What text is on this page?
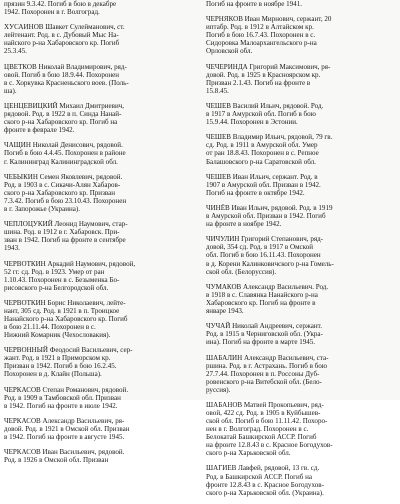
прязин 9.3.42. Погиб в бою в декабре
1942. Похоронен в г. Волгоград.
ХУСАИНОВ Шавкет Сулейманович, ст.
лейтенант. Род. в с. Дубовый Мыс На-
найского р-на Хабаровского кр. Погиб
25.3.45.
ЦВЕТКОВ Николай Владимирович, ряд-
овой. Погиб в бою 18.9.44. Похоронен
в с. Хоркувка Красненьского воев. (Поль-
ша).
ЦЕНЦЕВИЦКИЙ Михаил Дмитриевич,
рядовой. Род. в 1922 в п. Синда Нанай-
ского р-на Хабаровского кр. Погиб на
фронте в феврале 1942.
ЧАЩИН Николай Денисович, рядовой.
Погиб в бою 4.4.45. Похоронен в районе
г. Калининград Калининградской обл.
ЧЕБЫКИН Семен Яковлевич, рядовой.
Род. в 1903 в с. Сикачи-Алян Хабаров-
ского р-на Хабаровского кр. Призван
7.3.42. Погиб в бою 23.10.43. Похоронен
в г. Запорожье (Украина).
ЧЕПЛОЦУКИЙ Леонид Наумович, стар-
шина. Род. в 1912 в г. Хабаровск. При-
зван в 1942. Погиб на фронте в сентябре
1943.
ЧЕРВОТКИН Аркадий Наумович, рядовой,
52 гг. сд. Род. в 1923. Умер от ран
1.10.43. Похоронен в с. Безыменка Бо-
рисовского р-на Белгородской обл.
ЧЕРВОТКИН Борис Николаевич, лейте-
нант, 305 сд. Род. в 1921 в п. Троицкое
Нанайского р-на Хабаровского кр. Погиб
в бою 21.11.44. Похоронен в с.
Нижний Комарник (Чехословакия).
ЧЕРВОННЫЙ Феодосий Васильевич, сер-
жант. Род. в 1921 в Приморском кр.
Призван в 1942. Погиб в бою 16.2.45.
Похоронен в д. Клайн (Польша).
ЧЕРКАСОВ Степан Романович, рядовой.
Род. в 1909 в Тамбовской обл. Призван
в 1942. Погиб на фронте в июле 1942.
ЧЕРКАСОВ Александр Васильевич, ря-
довой. Род. в 1921 в Омской обл. Призван
в 1942. Погиб на фронте в августе 1945.
ЧЕРКАСОВ Иван Васильевич, рядовой.
Род. в 1926 в Омской обл. Призван
Погиб на фронте в ноябре 1941.
ЧЕРНЯКОВ Иван Мирнович, сержант, 20
иптабр. Род. в 1912 в Алтайском кр.
Погиб в бою 16.7.43. Похоронен в с.
Сидоровка Малоархангельского р-на
Орловской обл.
ЧЕЧЕРИНДА Григорий Максимович, ря-
довой. Род. в 1925 в Красноярском кр.
Призван 2.1.43. Погиб на фронте в
15.8.45.
ЧЕШЕВ Василий Ильич, рядовой. Род.
в 1917 в Амурской обл. Погиб в бою
15.9.44. Похоронен в Эстонии.
ЧЕШЕВ Владимир Ильич, рядовой, 79 гв.
сд. Род. в 1911 в Амурской обл. Умер
от ран 18.8.43. Похоронен в с. Репное
Балашовского р-на Саратовской обл.
ЧЕШЕВ Иван Ильич, сержант. Род. в
1907 в Амурской обл. Призван в 1942.
Погиб на фронте в октябре 1942.
ЧИНЁВ Иван Ильич, рядовой. Род. в 1919
в Амурской обл. Призван в 1942. Погиб
на фронте в ноябре 1942.
ЧИЧУЛИН Григорий Степанович, ряд-
довой, 354 сд. Род. в 1917 в Омской
обл. Погиб в бою 16.11.43. Похоронен
в д. Корени Калинковичского р-на Гомель-
ской обл. (Белоруссия).
ЧУМАКОВ Александр Васильевич. Род.
в 1918 в с. Славянка Нанайского р-на
Хабаровского кр. Погиб на фронте в
январе 1943.
ЧУЧАЙ Николай Андреевич, сержант.
Род. в 1915 в Черниговской обл. (Укра-
ина). Погиб на фронте в марте 1945.
ШАБАЛИН Александр Васильевич, ста-
ршина. Род. в г. Астрахань. Погиб в бою
27.7.44. Похоронен в п. Россоны Дуб-
ровенского р-на Витебской обл. (Бело-
руссия).
ШАБАНОВ Матвей Прокопьевич, ряд-
овой, 422 сд. Род. в 1905 в Куйбышев-
ской обл. Погиб в бою 11.11.42. Похоро-
нен в г. Волгоград. Похоронен в с.
Белокатай Башкирской АССР. Погиб
на фронте 12.8.43 в с. Красное Богодухов-
ского р-на Харьковской обл.
ШАГИЕВ Лавфей, рядовой, 13 гв. сд.
Род. в Башкирской АССР. Погиб на
фронте 12.8.43 в с. Красное Богодухов-
ского р-на Харьковской обл. (Украина).
